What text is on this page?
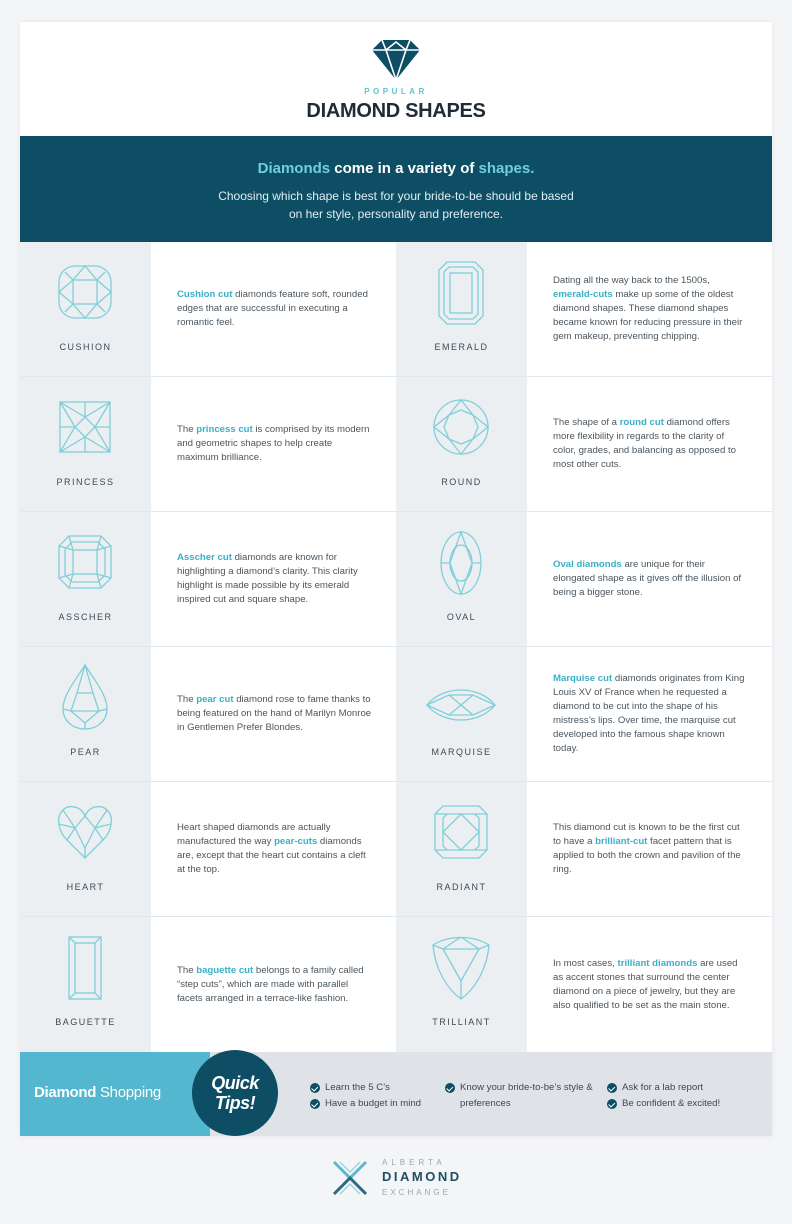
POPULAR
DIAMOND SHAPES
Diamonds come in a variety of shapes.
Choosing which shape is best for your bride-to-be should be based on her style, personality and preference.
CUSHION
Cushion cut diamonds feature soft, rounded edges that are successful in executing a romantic feel.
PRINCESS
The princess cut is comprised by its modern and geometric shapes to help create maximum brilliance.
ASSCHER
Asscher cut diamonds are known for highlighting a diamond’s clarity. This clarity highlight is made possible by its emerald inspired cut and square shape.
PEAR
The pear cut diamond rose to fame thanks to being featured on the hand of Marilyn Monroe in Gentlemen Prefer Blondes.
HEART
Heart shaped diamonds are actually manufactured the way pear-cuts diamonds are, except that the heart cut contains a cleft at the top.
BAGUETTE
The baguette cut belongs to a family called “step cuts”, which are made with parallel facets arranged in a terrace-like fashion.
EMERALD
Dating all the way back to the 1500s, emerald-cuts make up some of the oldest diamond shapes. These diamond shapes became known for reducing pressure in their gem makeup, preventing chipping.
ROUND
The shape of a round cut diamond offers more flexibility in regards to the clarity of color, grades, and balancing as opposed to most other cuts.
OVAL
Oval diamonds are unique for their elongated shape as it gives off the illusion of being a bigger stone.
MARQUISE
Marquise cut diamonds originates from King Louis XV of France when he requested a diamond to be cut into the shape of his mistress’s lips. Over time, the marquise cut developed into the famous shape known today.
RADIANT
This diamond cut is known to be the first cut to have a brilliant-cut facet pattern that is applied to both the crown and pavilion of the ring.
TRILLIANT
In most cases, trilliant diamonds are used as accent stones that surround the center diamond on a piece of jewelry, but they are also qualified to be set as the main stone.
Diamond Shopping	Quick
Tips!
Learn the 5 C’s
Have a budget in mind
Know your bride-to-be’s style & preferences
Ask for a lab report
Be confident & excited!
ALBERTA
DIAMOND
EXCHANGE
